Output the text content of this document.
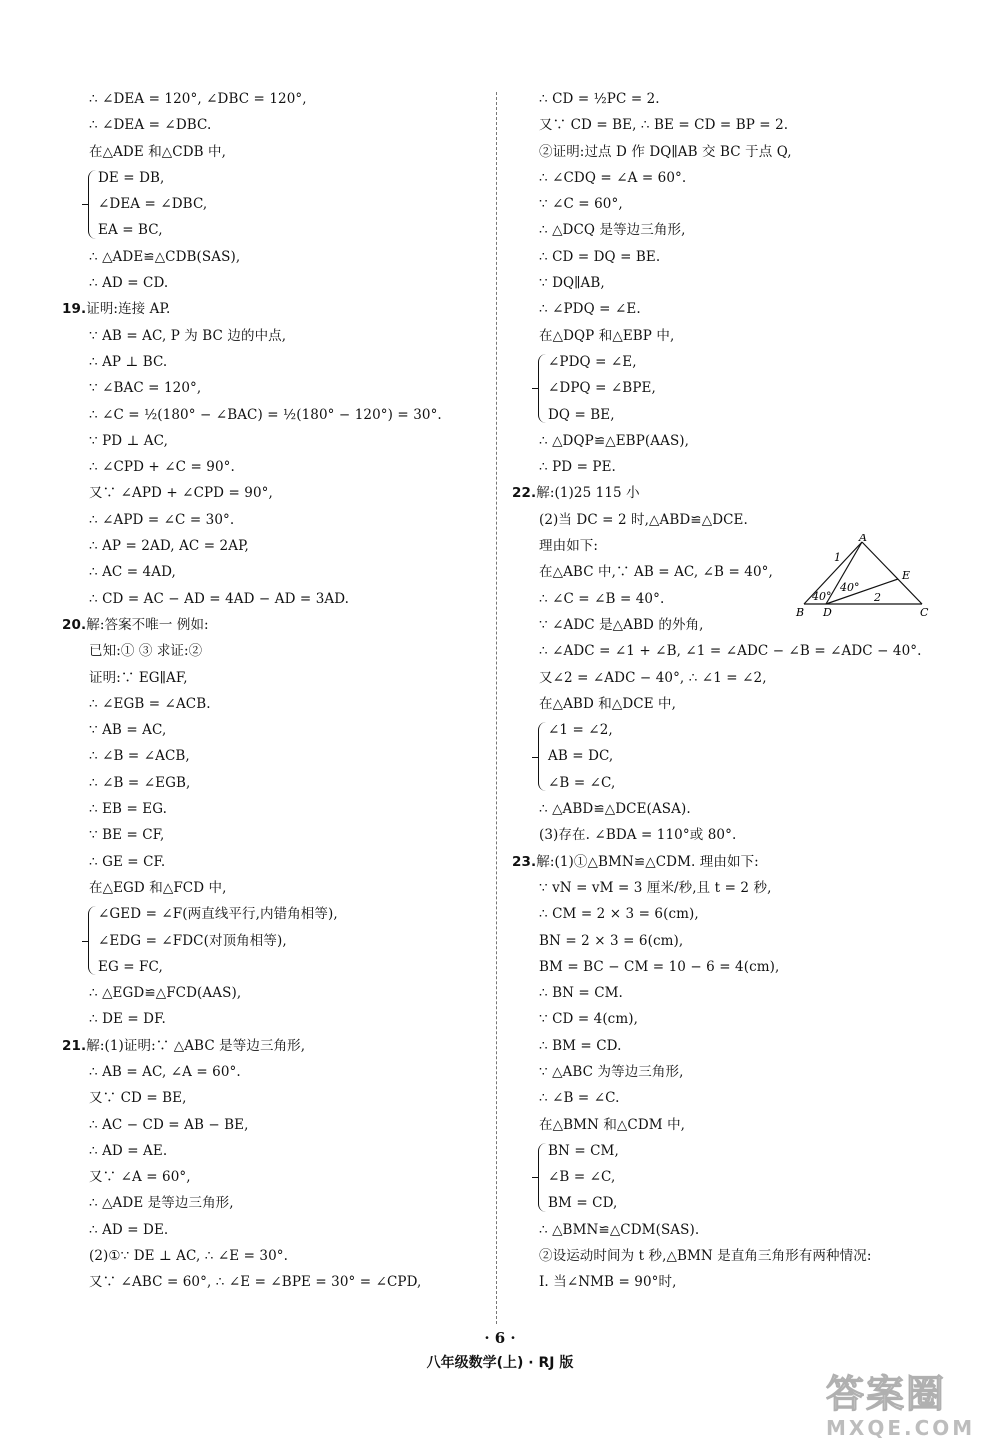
∴ ∠DEA = 120°, ∠DBC = 120°,
∴ ∠DEA = ∠DBC.
在△ADE 和△CDB 中,
DE = DB,
∠DEA = ∠DBC,
EA = BC,
∴ △ADE≌△CDB(SAS),
∴ AD = CD.
19.证明:连接 AP.
∵ AB = AC, P 为 BC 边的中点,
∴ AP ⊥ BC.
∵ ∠BAC = 120°,
∴ ∠C = ½(180° − ∠BAC) = ½(180° − 120°) = 30°.
∵ PD ⊥ AC,
∴ ∠CPD + ∠C = 90°.
又∵ ∠APD + ∠CPD = 90°,
∴ ∠APD = ∠C = 30°.
∴ AP = 2AD, AC = 2AP,
∴ AC = 4AD,
∴ CD = AC − AD = 4AD − AD = 3AD.
20.解:答案不唯一 例如:
已知:① ③ 求证:②
证明:∵ EG∥AF,
∴ ∠EGB = ∠ACB.
∵ AB = AC,
∴ ∠B = ∠ACB,
∴ ∠B = ∠EGB,
∴ EB = EG.
∵ BE = CF,
∴ GE = CF.
在△EGD 和△FCD 中,
∠GED = ∠F(两直线平行,内错角相等),
∠EDG = ∠FDC(对顶角相等),
EG = FC,
∴ △EGD≌△FCD(AAS),
∴ DE = DF.
21.解:(1)证明:∵ △ABC 是等边三角形,
∴ AB = AC, ∠A = 60°.
又∵ CD = BE,
∴ AC − CD = AB − BE,
∴ AD = AE.
又∵ ∠A = 60°,
∴ △ADE 是等边三角形,
∴ AD = DE.
(2)①∵ DE ⊥ AC, ∴ ∠E = 30°.
又∵ ∠ABC = 60°, ∴ ∠E = ∠BPE = 30° = ∠CPD,
∴ CD = ½PC = 2.
又∵ CD = BE, ∴ BE = CD = BP = 2.
②证明:过点 D 作 DQ∥AB 交 BC 于点 Q,
∴ ∠CDQ = ∠A = 60°.
∵ ∠C = 60°,
∴ △DCQ 是等边三角形,
∴ CD = DQ = BE.
∵ DQ∥AB,
∴ ∠PDQ = ∠E.
在△DQP 和△EBP 中,
∠PDQ = ∠E,
∠DPQ = ∠BPE,
DQ = BE,
∴ △DQP≌△EBP(AAS),
∴ PD = PE.
22.解:(1)25 115 小
(2)当 DC = 2 时,△ABD≌△DCE.
理由如下:
在△ABC 中,∵ AB = AC, ∠B = 40°,
∴ ∠C = ∠B = 40°.
∵ ∠ADC 是△ABD 的外角,
∴ ∠ADC = ∠1 + ∠B, ∠1 = ∠ADC − ∠B = ∠ADC − 40°.
又∠2 = ∠ADC − 40°, ∴ ∠1 = ∠2,
在△ABD 和△DCE 中,
∠1 = ∠2,
AB = DC,
∠B = ∠C,
∴ △ABD≌△DCE(ASA).
(3)存在. ∠BDA = 110°或 80°.
23.解:(1)①△BMN≌△CDM. 理由如下:
∵ vN = vM = 3 厘米/秒,且 t = 2 秒,
∴ CM = 2 × 3 = 6(cm),
BN = 2 × 3 = 6(cm),
BM = BC − CM = 10 − 6 = 4(cm),
∴ BN = CM.
∵ CD = 4(cm),
∴ BM = CD.
∵ △ABC 为等边三角形,
∴ ∠B = ∠C.
在△BMN 和△CDM 中,
BN = CM,
∠B = ∠C,
BM = CD,
∴ △BMN≌△CDM(SAS).
②设运动时间为 t 秒,△BMN 是直角三角形有两种情况:
Ⅰ. 当∠NMB = 90°时,
A
B	C
D
E
1
2
40°
40°
· 6 ·
八年级数学(上) · RJ 版
答案圈
MXQE.COM
